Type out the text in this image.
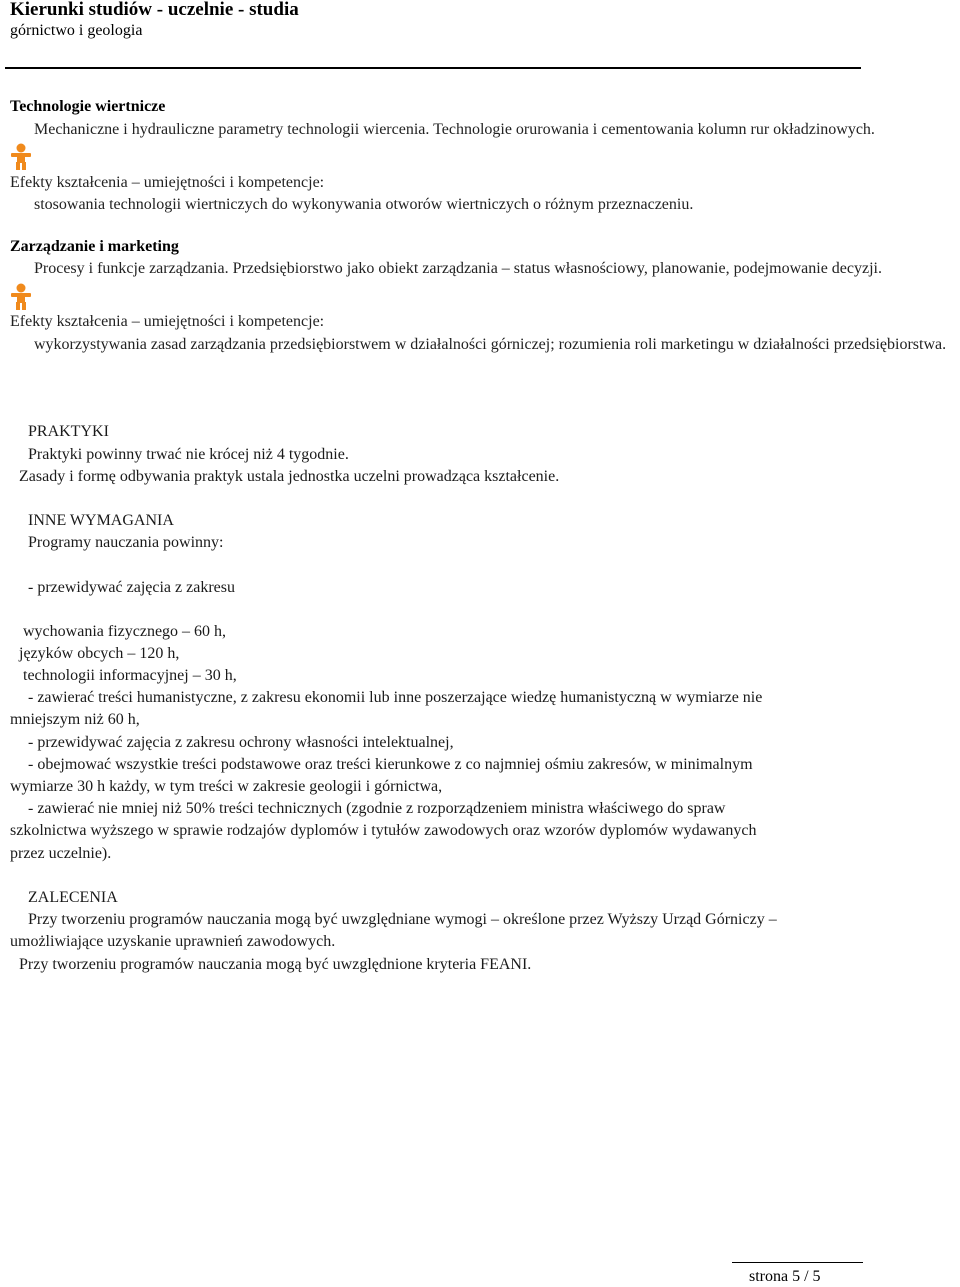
Kierunki studiów - uczelnie - studia
górnictwo i geologia
Technologie wiertnicze
Mechaniczne i hydrauliczne parametry technologii wiercenia. Technologie orurowania i cementowania kolumn rur okładzinowych.
Efekty kształcenia – umiejętności i kompetencje:
stosowania technologii wiertniczych do wykonywania otworów wiertniczych o różnym przeznaczeniu.
Zarządzanie i marketing
Procesy i funkcje zarządzania. Przedsiębiorstwo jako obiekt zarządzania – status własnościowy, planowanie, podejmowanie decyzji.
Efekty kształcenia – umiejętności i kompetencje:
wykorzystywania zasad zarządzania przedsiębiorstwem w działalności górniczej; rozumienia roli marketingu w działalności przedsiębiorstwa.
PRAKTYKI
Praktyki powinny trwać nie krócej niż 4 tygodnie.
Zasady i formę odbywania praktyk ustala jednostka uczelni prowadząca kształcenie.
INNE WYMAGANIA
Programy nauczania powinny:
- przewidywać zajęcia z zakresu
wychowania fizycznego – 60 h,
języków obcych – 120 h,
technologii informacyjnej – 30 h,
- zawierać treści humanistyczne, z zakresu ekonomii lub inne poszerzające wiedzę humanistyczną w wymiarze nie
mniejszym niż 60 h,
- przewidywać zajęcia z zakresu ochrony własności intelektualnej,
- obejmować wszystkie treści podstawowe oraz treści kierunkowe z co najmniej ośmiu zakresów, w minimalnym
wymiarze 30 h każdy, w tym treści w zakresie geologii i górnictwa,
- zawierać nie mniej niż 50% treści technicznych (zgodnie z rozporządzeniem ministra właściwego do spraw
szkolnictwa wyższego w sprawie rodzajów dyplomów i tytułów zawodowych oraz wzorów dyplomów wydawanych
przez uczelnie).
ZALECENIA
Przy tworzeniu programów nauczania mogą być uwzględniane wymogi – określone przez Wyższy Urząd Górniczy –
umożliwiające uzyskanie uprawnień zawodowych.
Przy tworzeniu programów nauczania mogą być uwzględnione kryteria FEANI.
strona 5 / 5
